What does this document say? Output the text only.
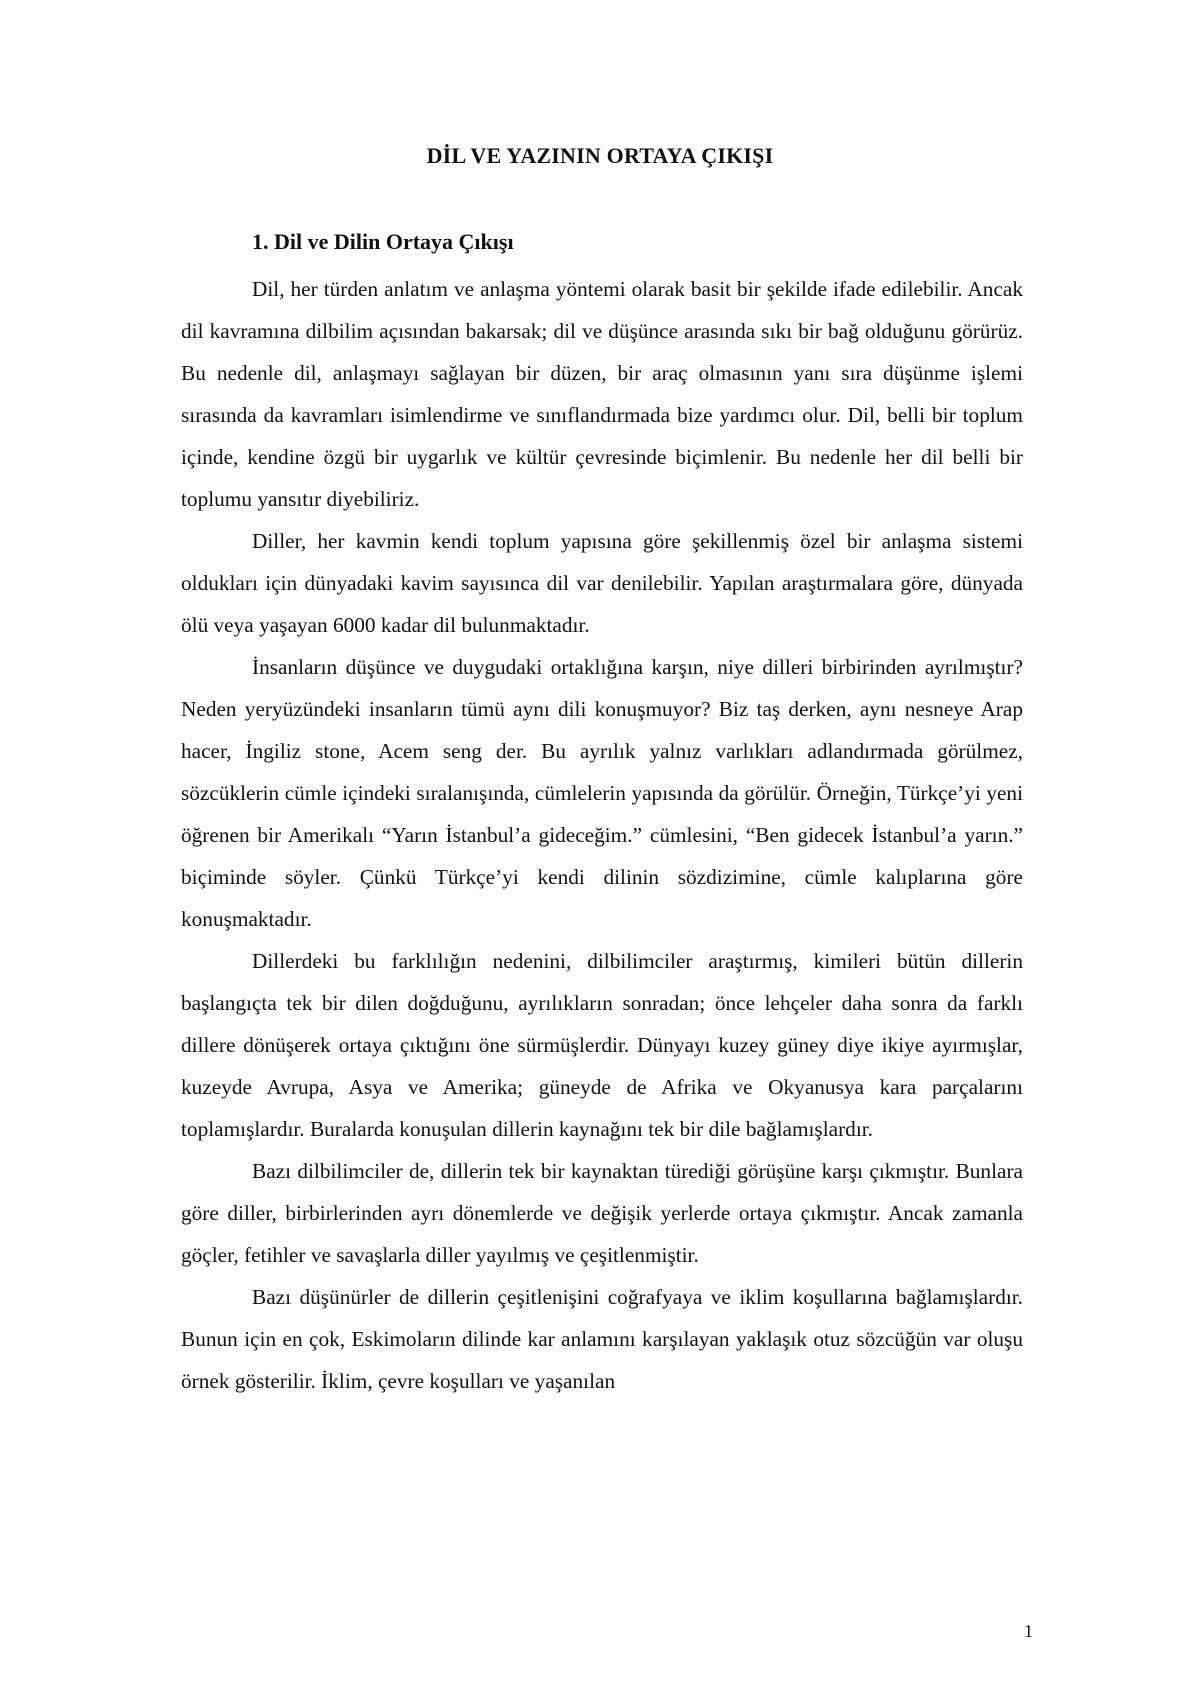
DİL VE YAZININ ORTAYA ÇIKIŞI
1. Dil ve Dilin Ortaya Çıkışı

Dil, her türden anlatım ve anlaşma yöntemi olarak basit bir şekilde ifade edilebilir. Ancak dil kavramına dilbilim açısından bakarsak; dil ve düşünce arasında sıkı bir bağ olduğunu görürüz. Bu nedenle dil, anlaşmayı sağlayan bir düzen, bir araç olmasının yanı sıra düşünme işlemi sırasında da kavramları isimlendirme ve sınıflandırmada bize yardımcı olur. Dil, belli bir toplum içinde, kendine özgü bir uygarlık ve kültür çevresinde biçimlenir. Bu nedenle her dil belli bir toplumu yansıtır diyebiliriz.

Diller, her kavmin kendi toplum yapısına göre şekillenmiş özel bir anlaşma sistemi oldukları için dünyadaki kavim sayısınca dil var denilebilir. Yapılan araştırmalara göre, dünyada ölü veya yaşayan 6000 kadar dil bulunmaktadır.

İnsanların düşünce ve duygudaki ortaklığına karşın, niye dilleri birbirinden ayrılmıştır? Neden yeryüzündeki insanların tümü aynı dili konuşmuyor? Biz taş derken, aynı nesneye Arap hacer, İngiliz stone, Acem seng der. Bu ayrılık yalnız varlıkları adlandırmada görülmez, sözcüklerin cümle içindeki sıralanışında, cümlelerin yapısında da görülür. Örneğin, Türkçe’yi yeni öğrenen bir Amerikalı “Yarın İstanbul’a gideceğim.” cümlesini, “Ben gidecek İstanbul’a yarın.” biçiminde söyler. Çünkü Türkçe’yi kendi dilinin sözdizimine, cümle kalıplarına göre konuşmaktadır.

Dillerdeki bu farklılığın nedenini, dilbilimciler araştırmış, kimileri bütün dillerin başlangıçta tek bir dilen doğduğunu, ayrılıkların sonradan; önce lehçeler daha sonra da farklı dillere dönüşerek ortaya çıktığını öne sürmüşlerdir. Dünyayı kuzey güney diye ikiye ayırmışlar, kuzeyde Avrupa, Asya ve Amerika; güneyde de Afrika ve Okyanusya kara parçalarını toplamışlardır. Buralarda konuşulan dillerin kaynağını tek bir dile bağlamışlardır.

Bazı dilbilimciler de, dillerin tek bir kaynaktan türediği görüşüne karşı çıkmıştır. Bunlara göre diller, birbirlerinden ayrı dönemlerde ve değişik yerlerde ortaya çıkmıştır. Ancak zamanla göçler, fetihler ve savaşlarla diller yayılmış ve çeşitlenmiştir.

Bazı düşünürler de dillerin çeşitlenişini coğrafyaya ve iklim koşullarına bağlamışlardır. Bunun için en çok, Eskimoların dilinde kar anlamını karşılayan yaklaşık otuz sözcüğün var oluşu örnek gösterilir. İklim, çevre koşulları ve yaşanılan

1
